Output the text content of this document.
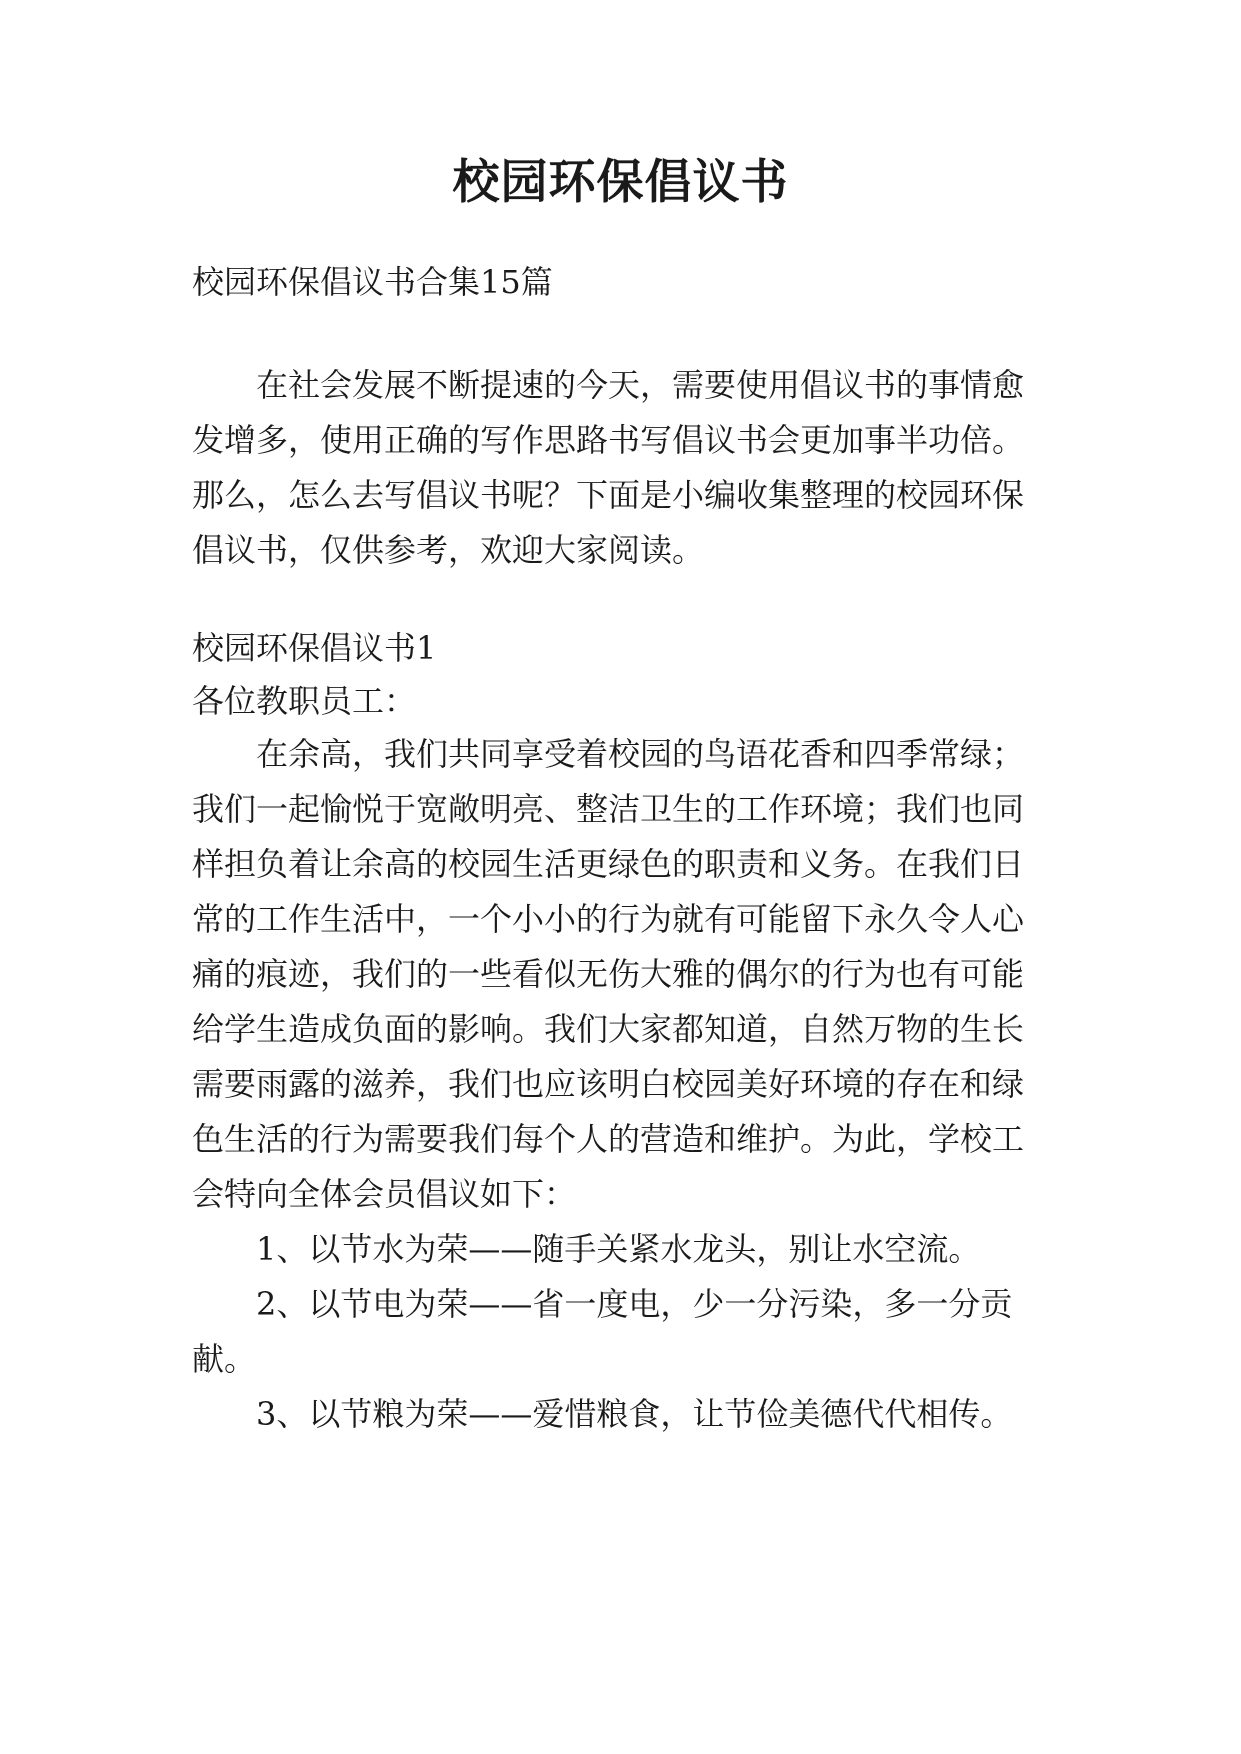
校园环保倡议书
校园环保倡议书合集15篇
在社会发展不断提速的今天，需要使用倡议书的事情愈
发增多，使用正确的写作思路书写倡议书会更加事半功倍。
那么，怎么去写倡议书呢？下面是小编收集整理的校园环保
倡议书，仅供参考，欢迎大家阅读。
校园环保倡议书1
各位教职员工：
在余高，我们共同享受着校园的鸟语花香和四季常绿；
我们一起愉悦于宽敞明亮、整洁卫生的工作环境；我们也同
样担负着让余高的校园生活更绿色的职责和义务。在我们日
常的工作生活中，一个小小的行为就有可能留下永久令人心
痛的痕迹，我们的一些看似无伤大雅的偶尔的行为也有可能
给学生造成负面的影响。我们大家都知道，自然万物的生长
需要雨露的滋养，我们也应该明白校园美好环境的存在和绿
色生活的行为需要我们每个人的营造和维护。为此，学校工
会特向全体会员倡议如下：
1、以节水为荣——随手关紧水龙头，别让水空流。
2、以节电为荣——省一度电，少一分污染，多一分贡
献。
3、以节粮为荣——爱惜粮食，让节俭美德代代相传。
